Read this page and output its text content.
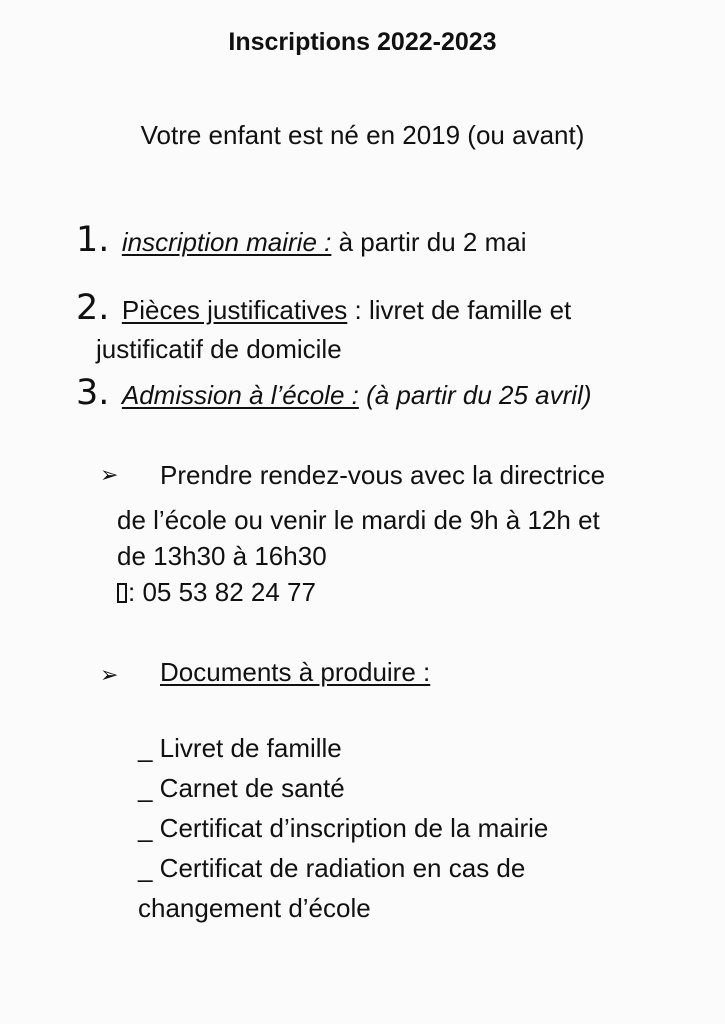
Inscriptions 2022-2023
Votre enfant est né en 2019 (ou avant)
1. inscription mairie : à partir du 2 mai
2. Pièces justificatives : livret de famille et
justificatif de domicile
3. Admission à l’école : (à partir du 25 avril)
➢ Prendre rendez-vous avec la directrice
de l’école ou venir le mardi de 9h à 12h et
de 13h30 à 16h30
: 05 53 82 24 77
➢ Documents à produire :
_ Livret de famille
_ Carnet de santé
_ Certificat d’inscription de la mairie
_ Certificat de radiation en cas de
changement d’école
